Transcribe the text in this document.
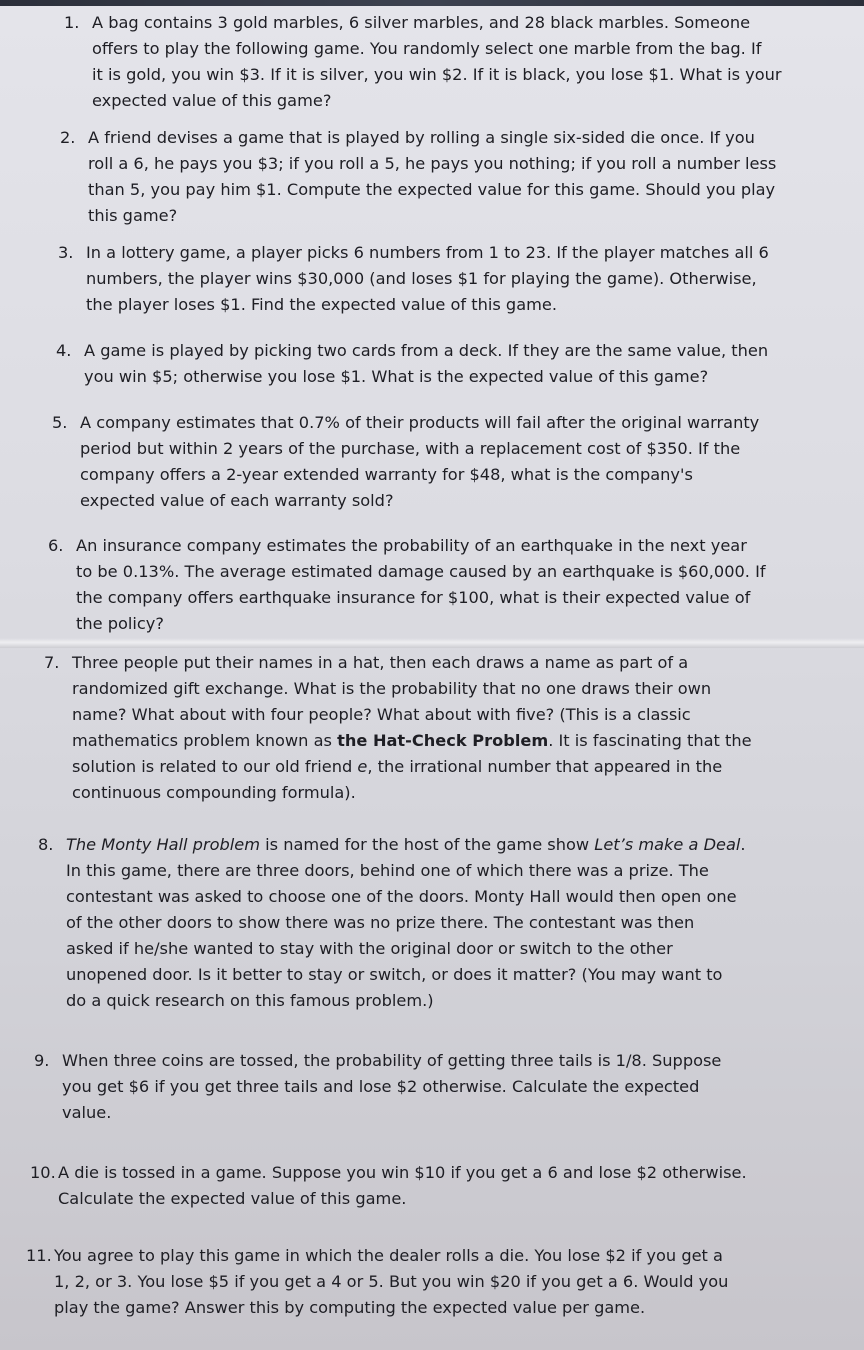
1. A bag contains 3 gold marbles, 6 silver marbles, and 28 black marbles. Someone
offers to play the following game. You randomly select one marble from the bag. If
it is gold, you win $3. If it is silver, you win $2. If it is black, you lose $1. What is your
expected value of this game?
2. A friend devises a game that is played by rolling a single six-sided die once. If you
roll a 6, he pays you $3; if you roll a 5, he pays you nothing; if you roll a number less
than 5, you pay him $1. Compute the expected value for this game. Should you play
this game?
3. In a lottery game, a player picks 6 numbers from 1 to 23. If the player matches all 6
numbers, the player wins $30,000 (and loses $1 for playing the game). Otherwise,
the player loses $1. Find the expected value of this game.
4. A game is played by picking two cards from a deck. If they are the same value, then
you win $5; otherwise you lose $1. What is the expected value of this game?
5. A company estimates that 0.7% of their products will fail after the original warranty
period but within 2 years of the purchase, with a replacement cost of $350. If the
company offers a 2-year extended warranty for $48, what is the company's
expected value of each warranty sold?
6. An insurance company estimates the probability of an earthquake in the next year
to be 0.13%. The average estimated damage caused by an earthquake is $60,000. If
the company offers earthquake insurance for $100, what is their expected value of
the policy?
7. Three people put their names in a hat, then each draws a name as part of a
randomized gift exchange. What is the probability that no one draws their own
name? What about with four people? What about with five? (This is a classic
mathematics problem known as the Hat-Check Problem. It is fascinating that the
solution is related to our old friend e, the irrational number that appeared in the
continuous compounding formula).
8. The Monty Hall problem is named for the host of the game show Let’s make a Deal.
In this game, there are three doors, behind one of which there was a prize. The
contestant was asked to choose one of the doors. Monty Hall would then open one
of the other doors to show there was no prize there. The contestant was then
asked if he/she wanted to stay with the original door or switch to the other
unopened door. Is it better to stay or switch, or does it matter? (You may want to
do a quick research on this famous problem.)
9. When three coins are tossed, the probability of getting three tails is 1/8. Suppose
you get $6 if you get three tails and lose $2 otherwise. Calculate the expected
value.
10. A die is tossed in a game. Suppose you win $10 if you get a 6 and lose $2 otherwise.
Calculate the expected value of this game.
11. You agree to play this game in which the dealer rolls a die. You lose $2 if you get a
1, 2, or 3. You lose $5 if you get a 4 or 5. But you win $20 if you get a 6. Would you
play the game? Answer this by computing the expected value per game.
